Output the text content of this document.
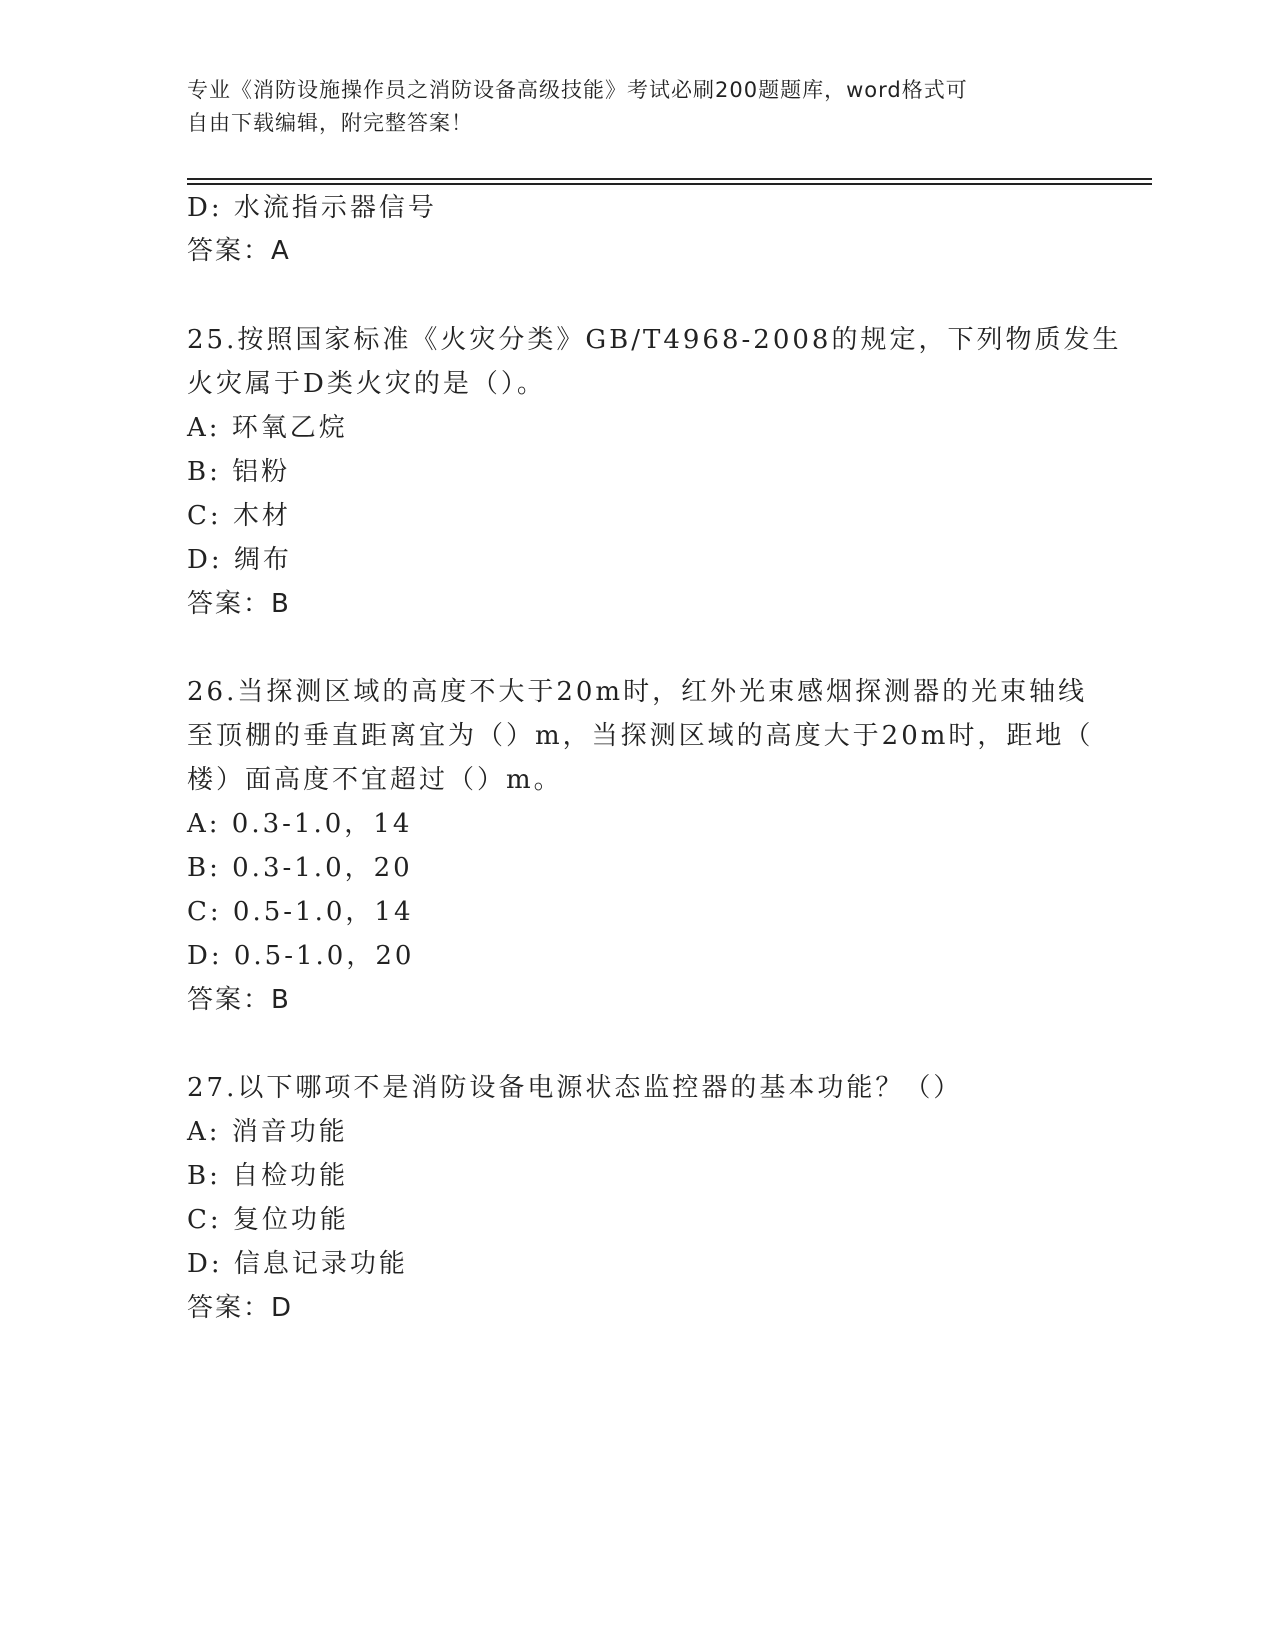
专业《消防设施操作员之消防设备高级技能》考试必刷200题题库，word格式可
自由下载编辑，附完整答案！
D: 水流指示器信号
答案：A
25.按照国家标准《火灾分类》GB/T4968-2008的规定，下列物质发生
火灾属于D类火灾的是（）。
A: 环氧乙烷
B: 铝粉
C: 木材
D: 绸布
答案：B
26.当探测区域的高度不大于20m时，红外光束感烟探测器的光束轴线
至顶棚的垂直距离宜为（）m，当探测区域的高度大于20m时，距地（
楼）面高度不宜超过（）m。
A: 0.3-1.0，14
B: 0.3-1.0，20
C: 0.5-1.0，14
D: 0.5-1.0，20
答案：B
27.以下哪项不是消防设备电源状态监控器的基本功能？（）
A: 消音功能
B: 自检功能
C: 复位功能
D: 信息记录功能
答案：D
